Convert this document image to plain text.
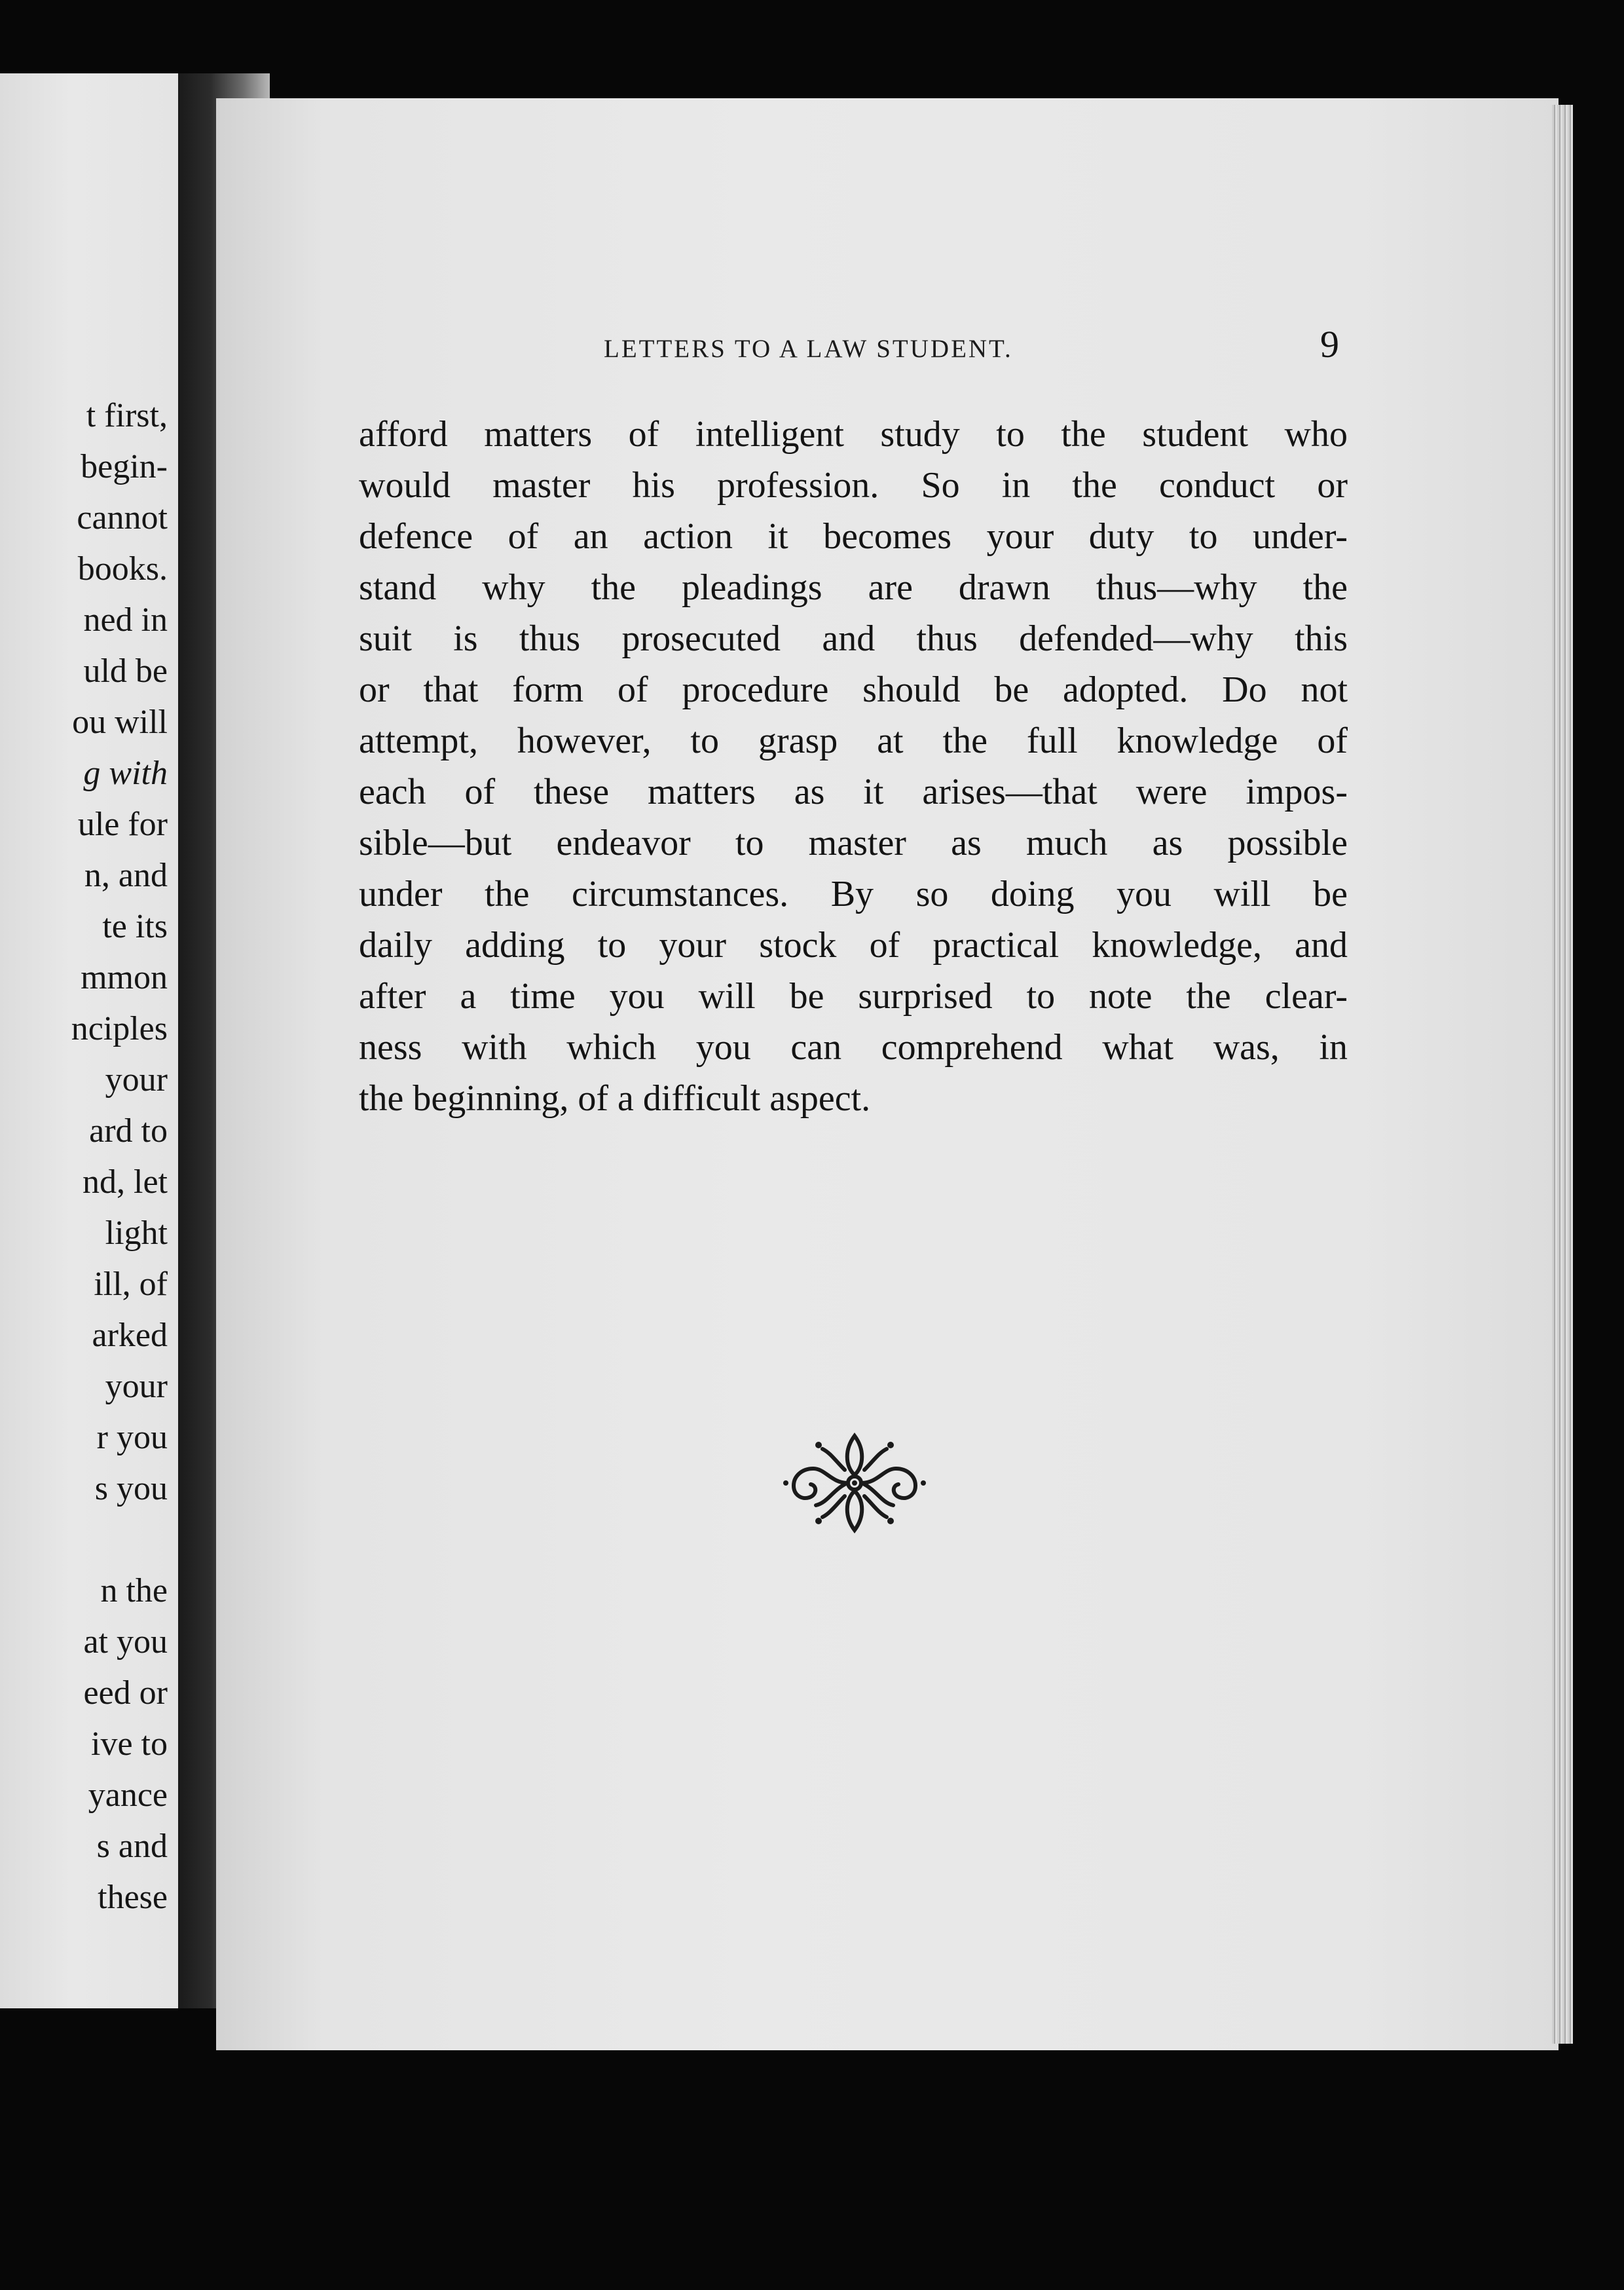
t first,
begin-
cannot
books.
ned in
uld be
ou will
g with
ule for
n, and
te its
mmon
nciples
your
ard to
nd, let
light
ill, of
arked
your
r you
s you
n the
at you
eed or
ive to
yance
s and
these
LETTERS TO A LAW STUDENT.	9
afford matters of intelligent study to the student who
would master his profession. So in the conduct or
defence of an action it becomes your duty to under-
stand why the pleadings are drawn thus—why the
suit is thus prosecuted and thus defended—why this
or that form of procedure should be adopted. Do not
attempt, however, to grasp at the full knowledge of
each of these matters as it arises—that were impos-
sible—but endeavor to master as much as possible
under the circumstances. By so doing you will be
daily adding to your stock of practical knowledge, and
after a time you will be surprised to note the clear-
ness with which you can comprehend what was, in
the beginning, of a difficult aspect.
